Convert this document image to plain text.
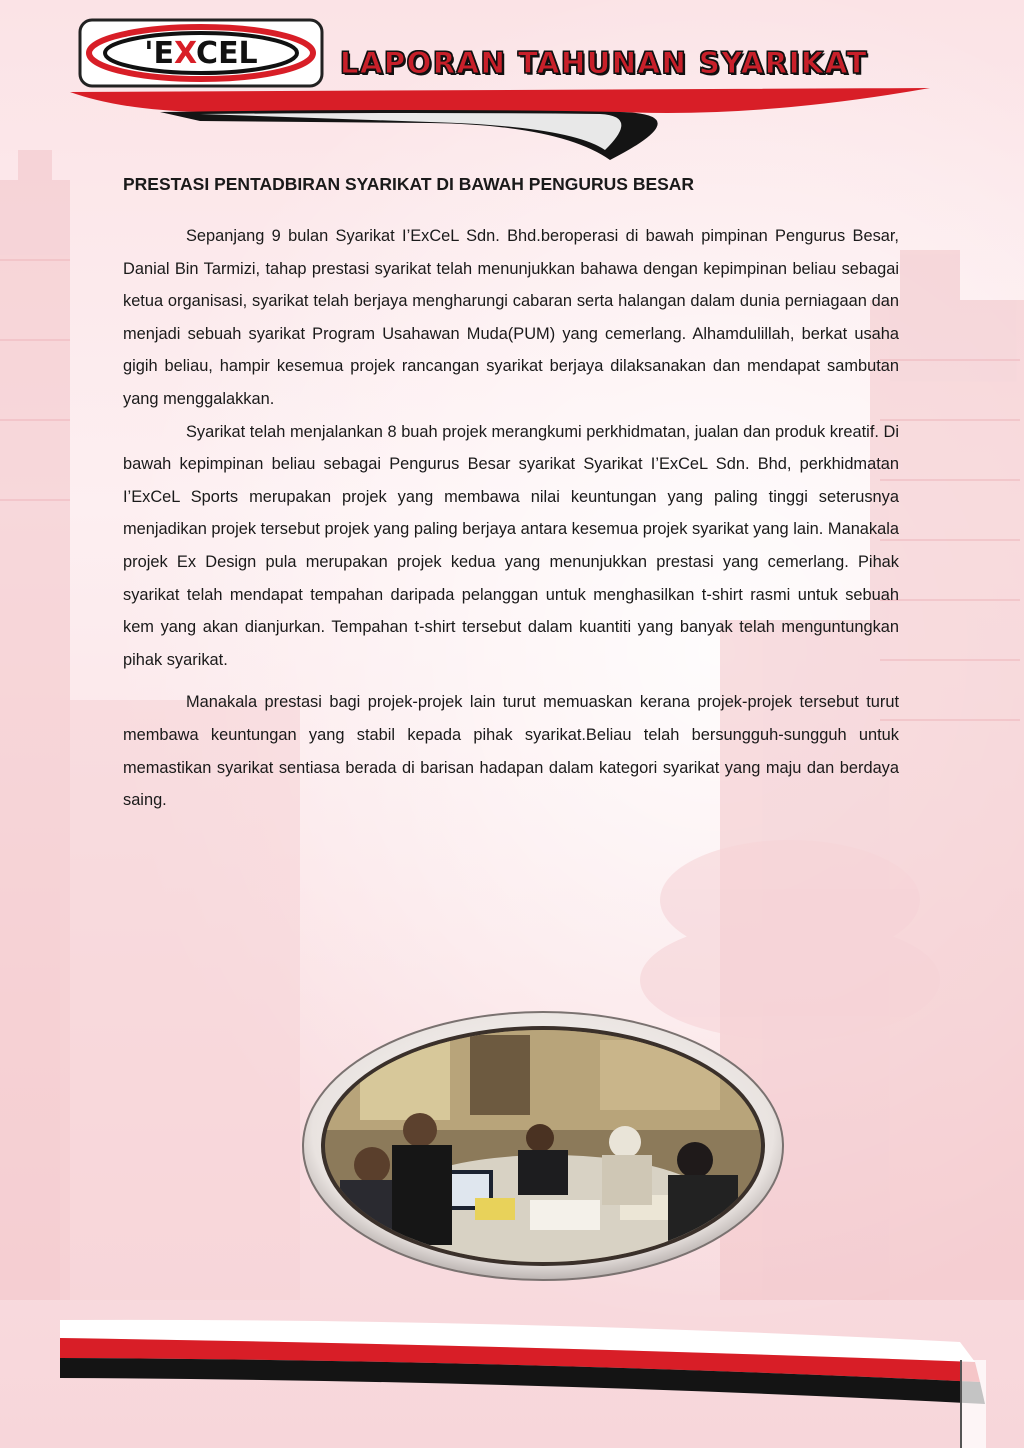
'EXCEL	LAPORAN TAHUNAN SYARIKAT
PRESTASI PENTADBIRAN SYARIKAT DI BAWAH PENGURUS BESAR

Sepanjang 9 bulan Syarikat I’ExCeL Sdn. Bhd.beroperasi di bawah pimpinan Pengurus Besar, Danial Bin Tarmizi, tahap prestasi syarikat telah menunjukkan bahawa dengan kepimpinan beliau sebagai ketua organisasi, syarikat telah berjaya mengharungi cabaran serta halangan dalam dunia perniagaan dan menjadi sebuah syarikat Program Usahawan Muda(PUM) yang cemerlang. Alhamdulillah, berkat usaha gigih beliau, hampir kesemua projek rancangan syarikat berjaya dilaksanakan dan mendapat sambutan yang menggalakkan.

Syarikat telah menjalankan 8 buah projek merangkumi perkhidmatan, jualan dan produk kreatif. Di bawah kepimpinan beliau sebagai Pengurus Besar syarikat Syarikat I’ExCeL Sdn. Bhd, perkhidmatan I’ExCeL Sports merupakan projek yang membawa nilai keuntungan yang paling tinggi seterusnya menjadikan projek tersebut projek yang paling berjaya antara kesemua projek syarikat yang lain. Manakala projek Ex Design pula merupakan projek kedua yang menunjukkan prestasi yang cemerlang. Pihak syarikat telah mendapat tempahan daripada pelanggan untuk menghasilkan t-shirt rasmi untuk sebuah kem yang akan dianjurkan. Tempahan t-shirt tersebut dalam kuantiti yang banyak telah menguntungkan pihak syarikat.

Manakala prestasi bagi projek-projek lain turut memuaskan kerana projek-projek tersebut turut membawa keuntungan yang stabil kepada pihak syarikat.Beliau telah bersungguh-sungguh untuk memastikan syarikat sentiasa berada di barisan hadapan dalam kategori syarikat yang maju dan berdaya saing.
